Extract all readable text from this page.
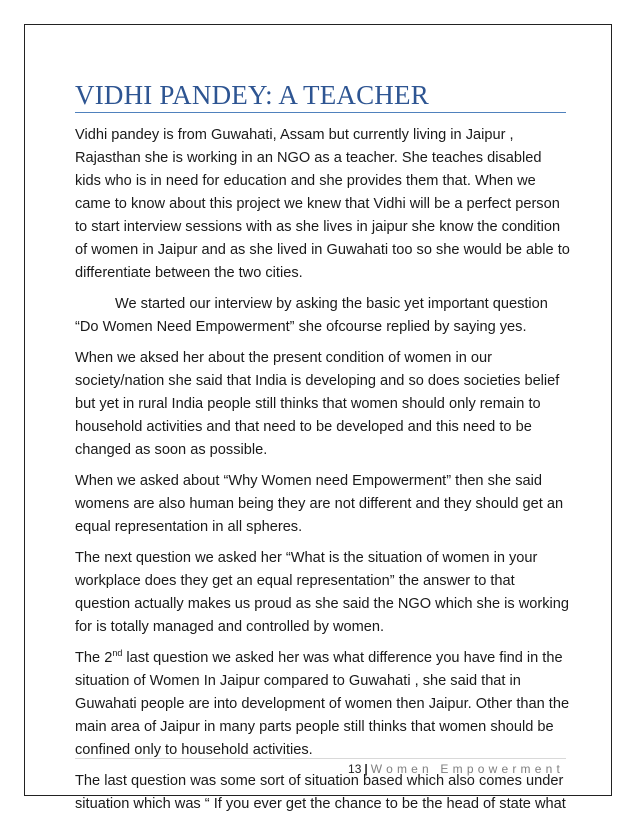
VIDHI PANDEY: A TEACHER

Vidhi pandey is from Guwahati, Assam but currently living in Jaipur , Rajasthan she is working in an NGO as a teacher. She teaches disabled kids who is in need for education and she provides them that. When we came to know about this project we knew that Vidhi will be a perfect person to start interview sessions with as she lives in jaipur she know the condition of women in Jaipur and as she lived in Guwahati too so she would be able to differentiate between the two cities.

We started our interview by asking the basic yet important question “Do Women Need Empowerment” she ofcourse replied by saying yes.

When we aksed her about the present condition of women in our society/nation she said that India is developing and so does societies belief but yet in rural India people still thinks that women should only remain to household activities and that need to be developed and this need to be changed as soon as possible.

When we asked about “Why Women need Empowerment” then she said womens are also human being they are not different and they should get an equal representation in all spheres.

The next question we asked her “What is the situation of women in your workplace does they get an equal representation” the answer to that question actually makes us proud as she said the NGO which she is working for is totally managed and controlled by women.

The 2nd last question we asked her was what difference you have find in the situation of Women In Jaipur compared to Guwahati , she said that in Guwahati people are into development of women then Jaipur. Other than the main area of Jaipur in many parts people still thinks that women should be confined only to household activities.

The last question was some sort of situation based which also comes under situation which was “ If you ever get the chance to be the head of state what

13 | Women Empowerment
